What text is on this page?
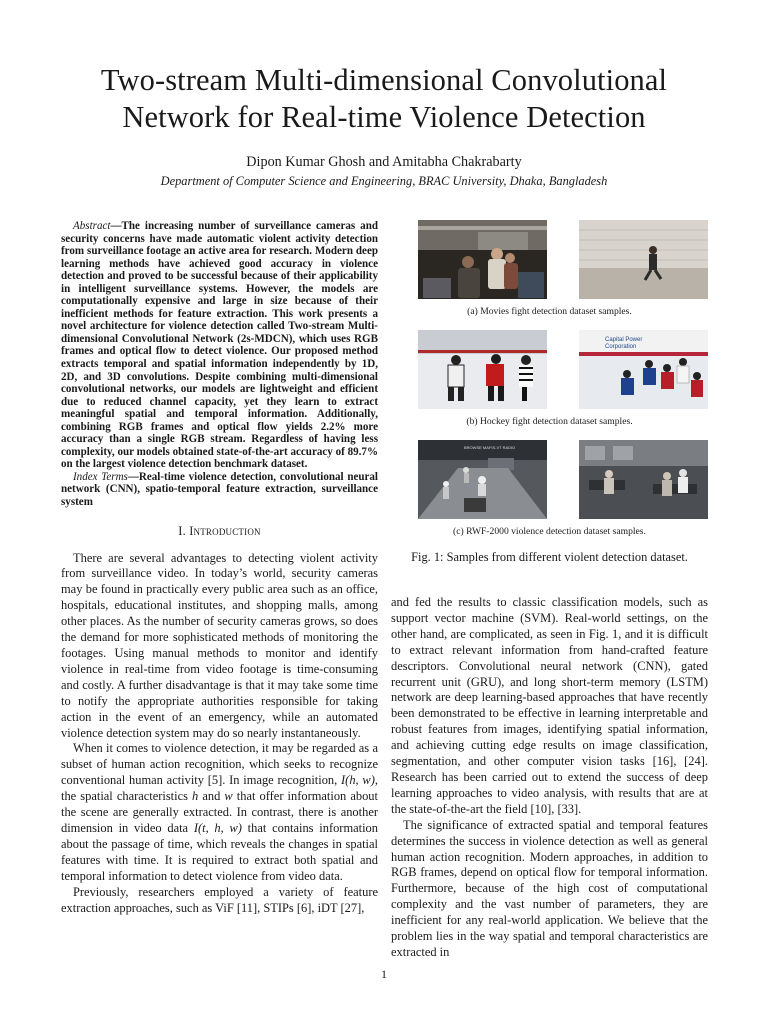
Two-stream Multi-dimensional Convolutional
Network for Real-time Violence Detection
Dipon Kumar Ghosh and Amitabha Chakrabarty
Department of Computer Science and Engineering, BRAC University, Dhaka, Bangladesh

Abstract—The increasing number of surveillance cameras and security concerns have made automatic violent activity detection from surveillance footage an active area for research. Modern deep learning methods have achieved good accuracy in violence detection and proved to be successful because of their applicability in intelligent surveillance systems. However, the models are computationally expensive and large in size because of their inefficient methods for feature extraction. This work presents a novel architecture for violence detection called Two-stream Multi-dimensional Convolutional Network (2s-MDCN), which uses RGB frames and optical flow to detect violence. Our proposed method extracts temporal and spatial information independently by 1D, 2D, and 3D convolutions. Despite combining multi-dimensional convolutional networks, our models are lightweight and efficient due to reduced channel capacity, yet they learn to extract meaningful spatial and temporal information. Additionally, combining RGB frames and optical flow yields 2.2% more accuracy than a single RGB stream. Regardless of having less complexity, our models obtained state-of-the-art accuracy of 89.7% on the largest violence detection benchmark dataset.

Index Terms—Real-time violence detection, convolutional neural network (CNN), spatio-temporal feature extraction, surveillance system

I. Introduction

There are several advantages to detecting violent activity from surveillance video. In today’s world, security cameras may be found in practically every public area such as an office, hospitals, educational institutes, and shopping malls, among other places. As the number of security cameras grows, so does the demand for more sophisticated methods of monitoring the footages. Using manual methods to monitor and identify violence in real-time from video footage is time-consuming and costly. A further disadvantage is that it may take some time to notify the appropriate authorities responsible for taking action in the event of an emergency, while an automated violence detection system may do so nearly instantaneously.

When it comes to violence detection, it may be regarded as a subset of human action recognition, which seeks to recognize conventional human activity [5]. In image recognition, I(h, w), the spatial characteristics h and w that offer information about the scene are generally extracted. In contrast, there is another dimension in video data I(t, h, w) that contains information about the passage of time, which reveals the changes in spatial features with time. It is required to extract both spatial and temporal information to detect violence from video data.

Previously, researchers employed a variety of feature extraction approaches, such as ViF [11], STIPs [6], iDT [27],

(a) Movies fight detection dataset samples.
Capital Power
Corporation
(b) Hockey fight detection dataset samples.
BROWSE MAFIS-VT RADIO
(c) RWF-2000 violence detection dataset samples.
Fig. 1: Samples from different violent detection dataset.

and fed the results to classic classification models, such as support vector machine (SVM). Real-world settings, on the other hand, are complicated, as seen in Fig. 1, and it is difficult to extract relevant information from hand-crafted feature descriptors. Convolutional neural network (CNN), gated recurrent unit (GRU), and long short-term memory (LSTM) network are deep learning-based approaches that have recently been demonstrated to be effective in learning interpretable and robust features from images, identifying spatial information, and achieving cutting edge results on image classification, segmentation, and other computer vision tasks [16], [24]. Research has been carried out to extend the success of deep learning approaches to video analysis, with results that are at the state-of-the-art the field [10], [33].

The significance of extracted spatial and temporal features determines the success in violence detection as well as general human action recognition. Modern approaches, in addition to RGB frames, depend on optical flow for temporal information. Furthermore, because of the high cost of computational complexity and the vast number of parameters, they are inefficient for any real-world application. We believe that the problem lies in the way spatial and temporal characteristics are extracted in

1
